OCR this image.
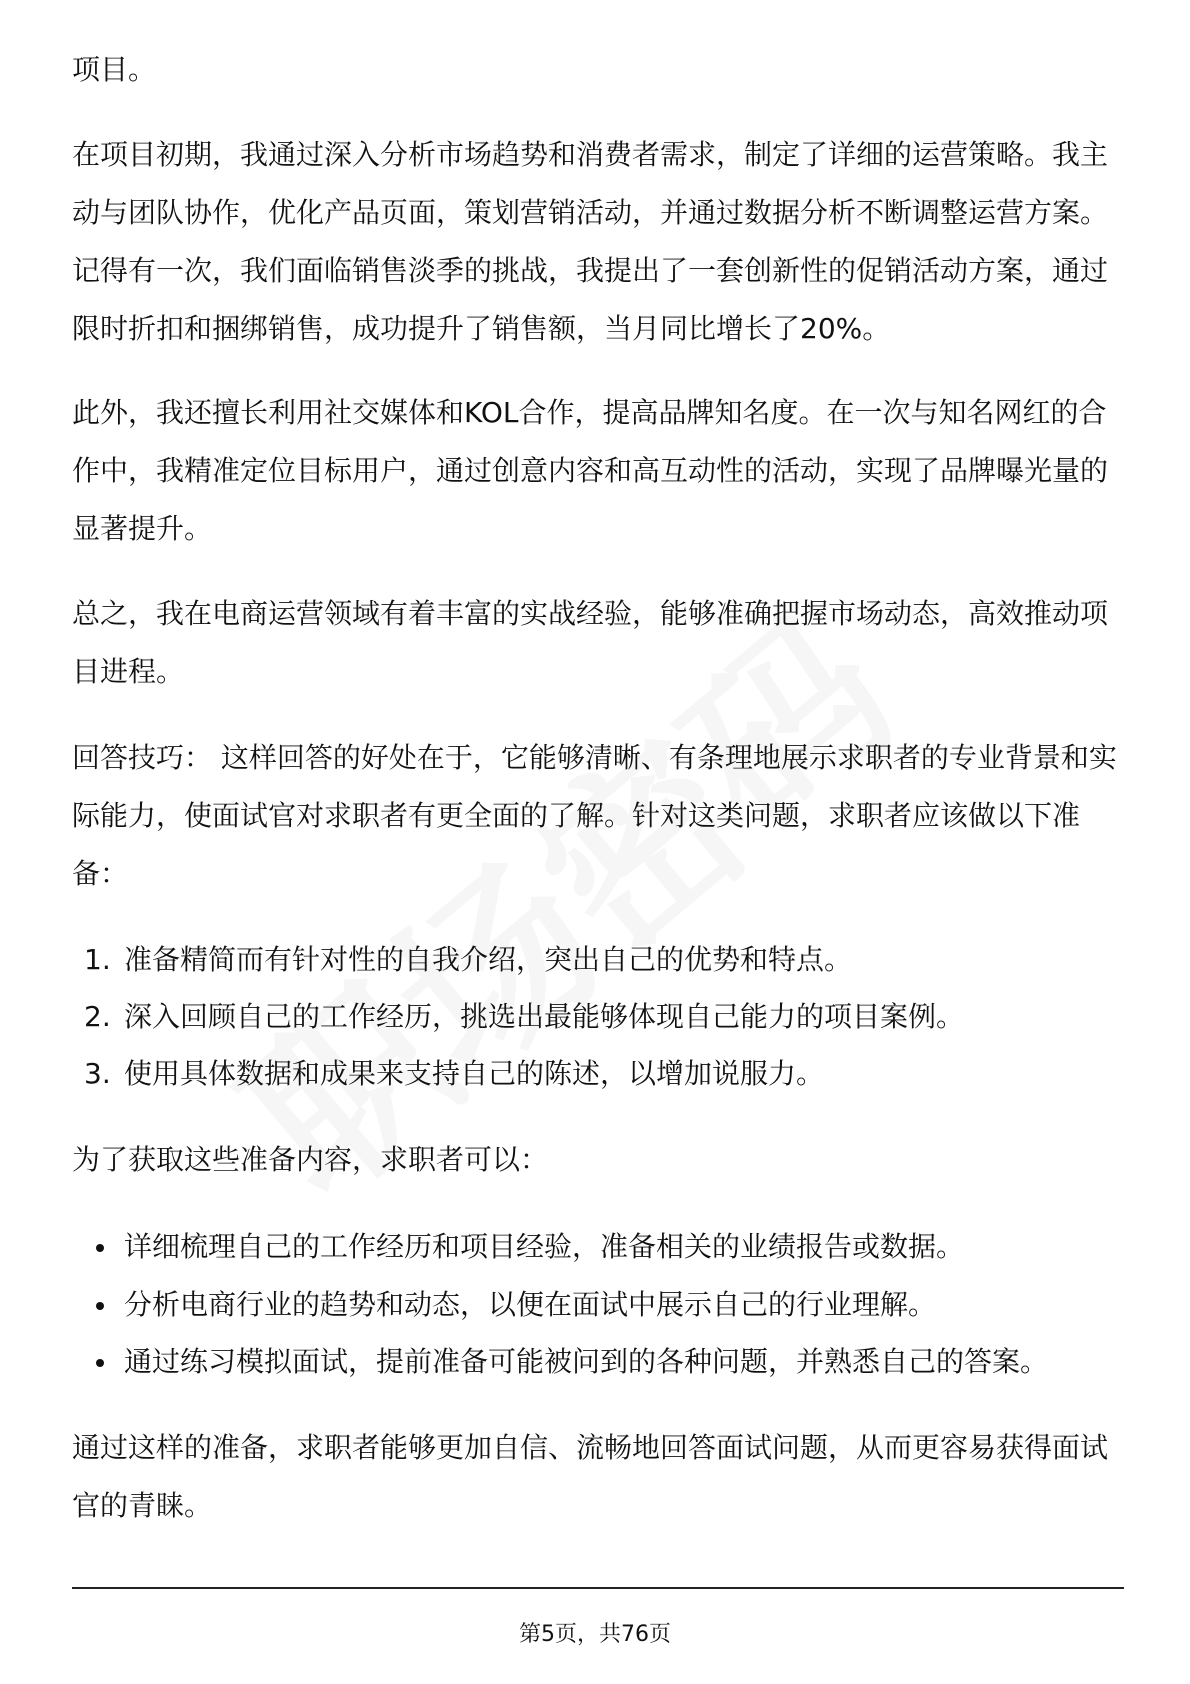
项目。
在项目初期，我通过深入分析市场趋势和消费者需求，制定了详细的运营策略。我主动与团队协作，优化产品页面，策划营销活动，并通过数据分析不断调整运营方案。记得有一次，我们面临销售淡季的挑战，我提出了一套创新性的促销活动方案，通过限时折扣和捆绑销售，成功提升了销售额，当月同比增长了20%。
此外，我还擅长利用社交媒体和KOL合作，提高品牌知名度。在一次与知名网红的合作中，我精准定位目标用户，通过创意内容和高互动性的活动，实现了品牌曝光量的显著提升。
总之，我在电商运营领域有着丰富的实战经验，能够准确把握市场动态，高效推动项目进程。
回答技巧： 这样回答的好处在于，它能够清晰、有条理地展示求职者的专业背景和实际能力，使面试官对求职者有更全面的了解。针对这类问题，求职者应该做以下准备：
1. 准备精简而有针对性的自我介绍，突出自己的优势和特点。
2. 深入回顾自己的工作经历，挑选出最能够体现自己能力的项目案例。
3. 使用具体数据和成果来支持自己的陈述，以增加说服力。
为了获取这些准备内容，求职者可以：
详细梳理自己的工作经历和项目经验，准备相关的业绩报告或数据。
分析电商行业的趋势和动态，以便在面试中展示自己的行业理解。
通过练习模拟面试，提前准备可能被问到的各种问题，并熟悉自己的答案。
通过这样的准备，求职者能够更加自信、流畅地回答面试问题，从而更容易获得面试官的青睐。
第5页，共76页
